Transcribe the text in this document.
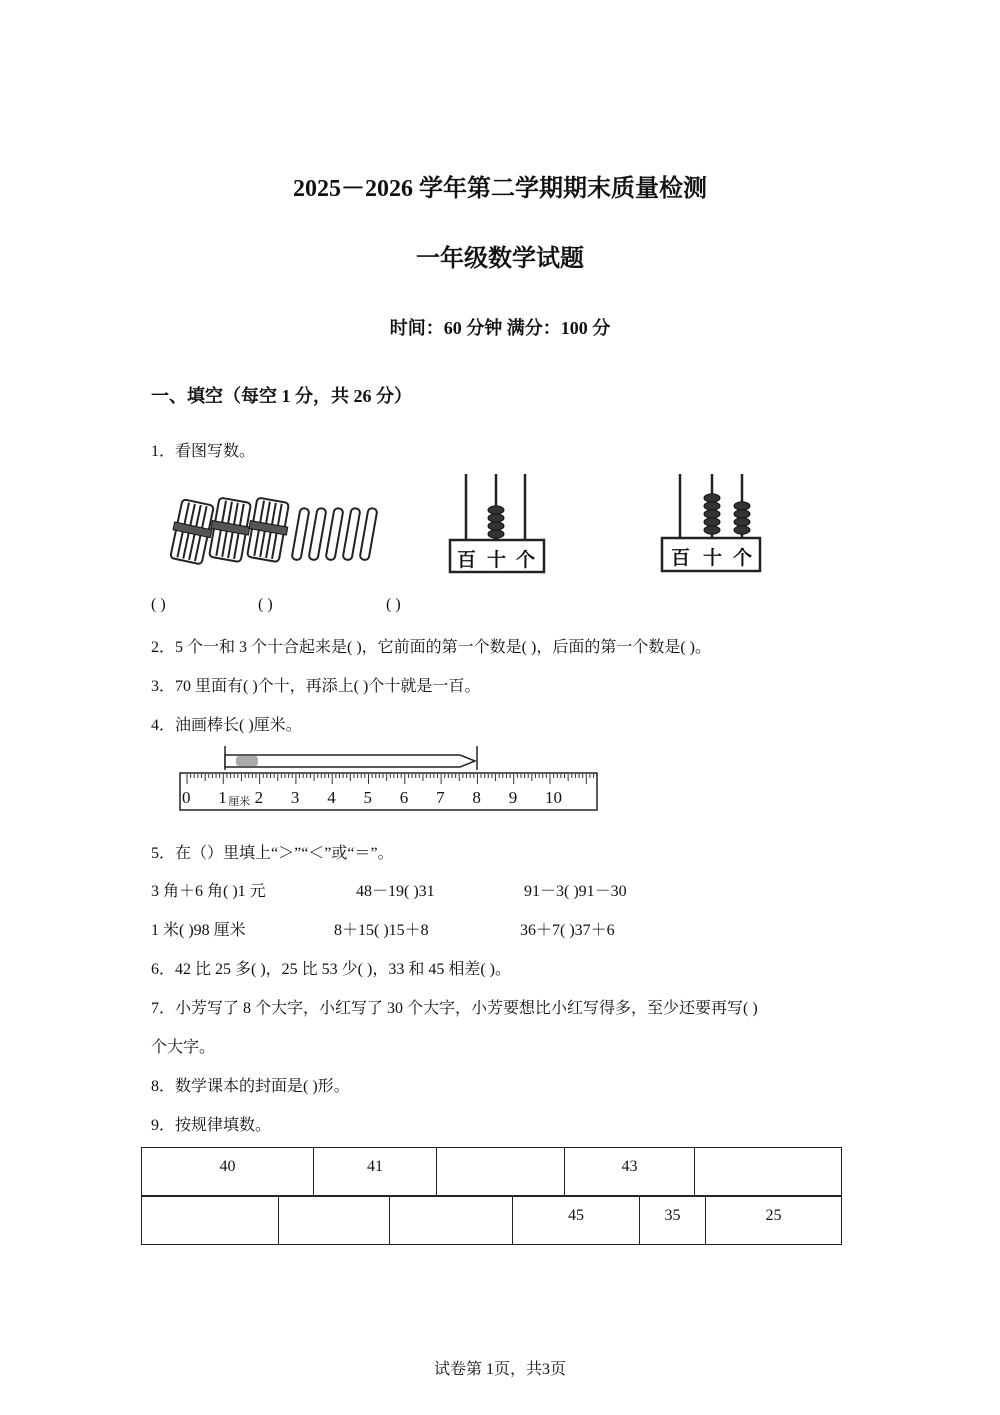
2025－2026 学年第二学期期末质量检测
一年级数学试题
时间：60 分钟 满分：100 分
一、填空（每空 1 分，共 26 分）
1．看图写数。
百 十 个	百 十 个
( )	( )	( )
2．5 个一和 3 个十合起来是( )，它前面的第一个数是( )，后面的第一个数是( )。
3．70 里面有( )个十，再添上( )个十就是一百。
4．油画棒长( )厘米。
0 1 2 3 4 5 6 7 8 9 10
厘米
5．在（）里填上“＞”“＜”或“＝”。
3 角＋6 角( )1 元	48－19( )31	91－3( )91－30
1 米( )98 厘米	8＋15( )15＋8	36＋7( )37＋6
6．42 比 25 多( )，25 比 53 少( )，33 和 45 相差( )。
7．小芳写了 8 个大字，小红写了 30 个大字，小芳要想比小红写得多，至少还要再写( )
个大字。
8．数学课本的封面是( )形。
9．按规律填数。
40	41		43	
			45	35	25
试卷第 1页，共3页
